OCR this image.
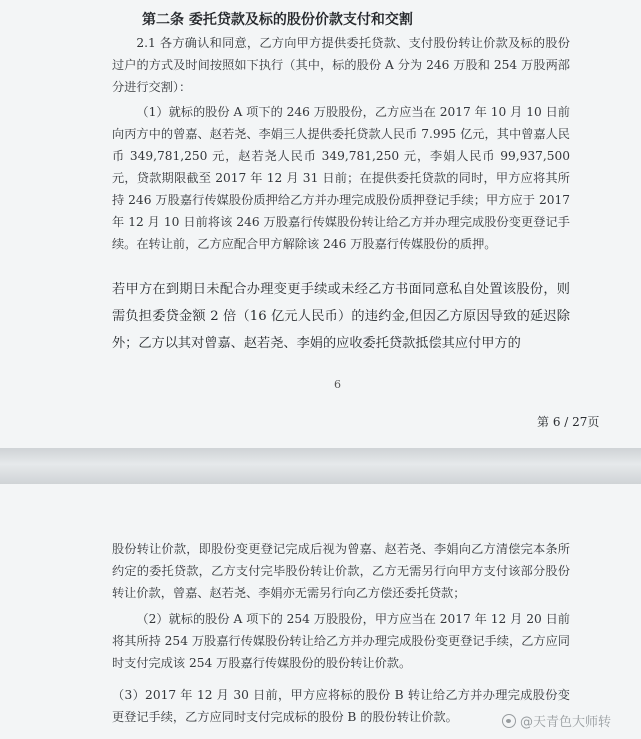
第二条 委托贷款及标的股份价款支付和交割
2.1 各方确认和同意，乙方向甲方提供委托贷款、支付股份转让价款及标的股份过户的方式及时间按照如下执行（其中，标的股份 A 分为 246 万股和 254 万股两部分进行交割）：
（1）就标的股份 A 项下的 246 万股股份，乙方应当在 2017 年 10 月 10 日前向丙方中的曾嘉、赵若尧、李娟三人提供委托贷款人民币 7.995 亿元，其中曾嘉人民币 349,781,250 元，赵若尧人民币 349,781,250 元，李娟人民币 99,937,500 元，贷款期限截至 2017 年 12 月 31 日前；在提供委托贷款的同时，甲方应将其所持 246 万股嘉行传媒股份质押给乙方并办理完成股份质押登记手续；甲方应于 2017 年 12 月 10 日前将该 246 万股嘉行传媒股份转让给乙方并办理完成股份变更登记手续。在转让前，乙方应配合甲方解除该 246 万股嘉行传媒股份的质押。
若甲方在到期日未配合办理变更手续或未经乙方书面同意私自处置该股份，则需负担委贷金额 2 倍（16 亿元人民币）的违约金,但因乙方原因导致的延迟除外；乙方以其对曾嘉、赵若尧、李娟的应收委托贷款抵偿其应付甲方的
6
第 6 / 27页
股份转让价款，即股份变更登记完成后视为曾嘉、赵若尧、李娟向乙方清偿完本条所约定的委托贷款，乙方支付完毕股份转让价款，乙方无需另行向甲方支付该部分股份转让价款，曾嘉、赵若尧、李娟亦无需另行向乙方偿还委托贷款；
（2）就标的股份 A 项下的 254 万股股份，甲方应当在 2017 年 12 月 20 日前将其所持 254 万股嘉行传媒股份转让给乙方并办理完成股份变更登记手续，乙方应同时支付完成该 254 万股嘉行传媒股份的股份转让价款。
（3）2017 年 12 月 30 日前，甲方应将标的股份 B 转让给乙方并办理完成股份变更登记手续，乙方应同时支付完成标的股份 B 的股份转让价款。	@天青色大师转
